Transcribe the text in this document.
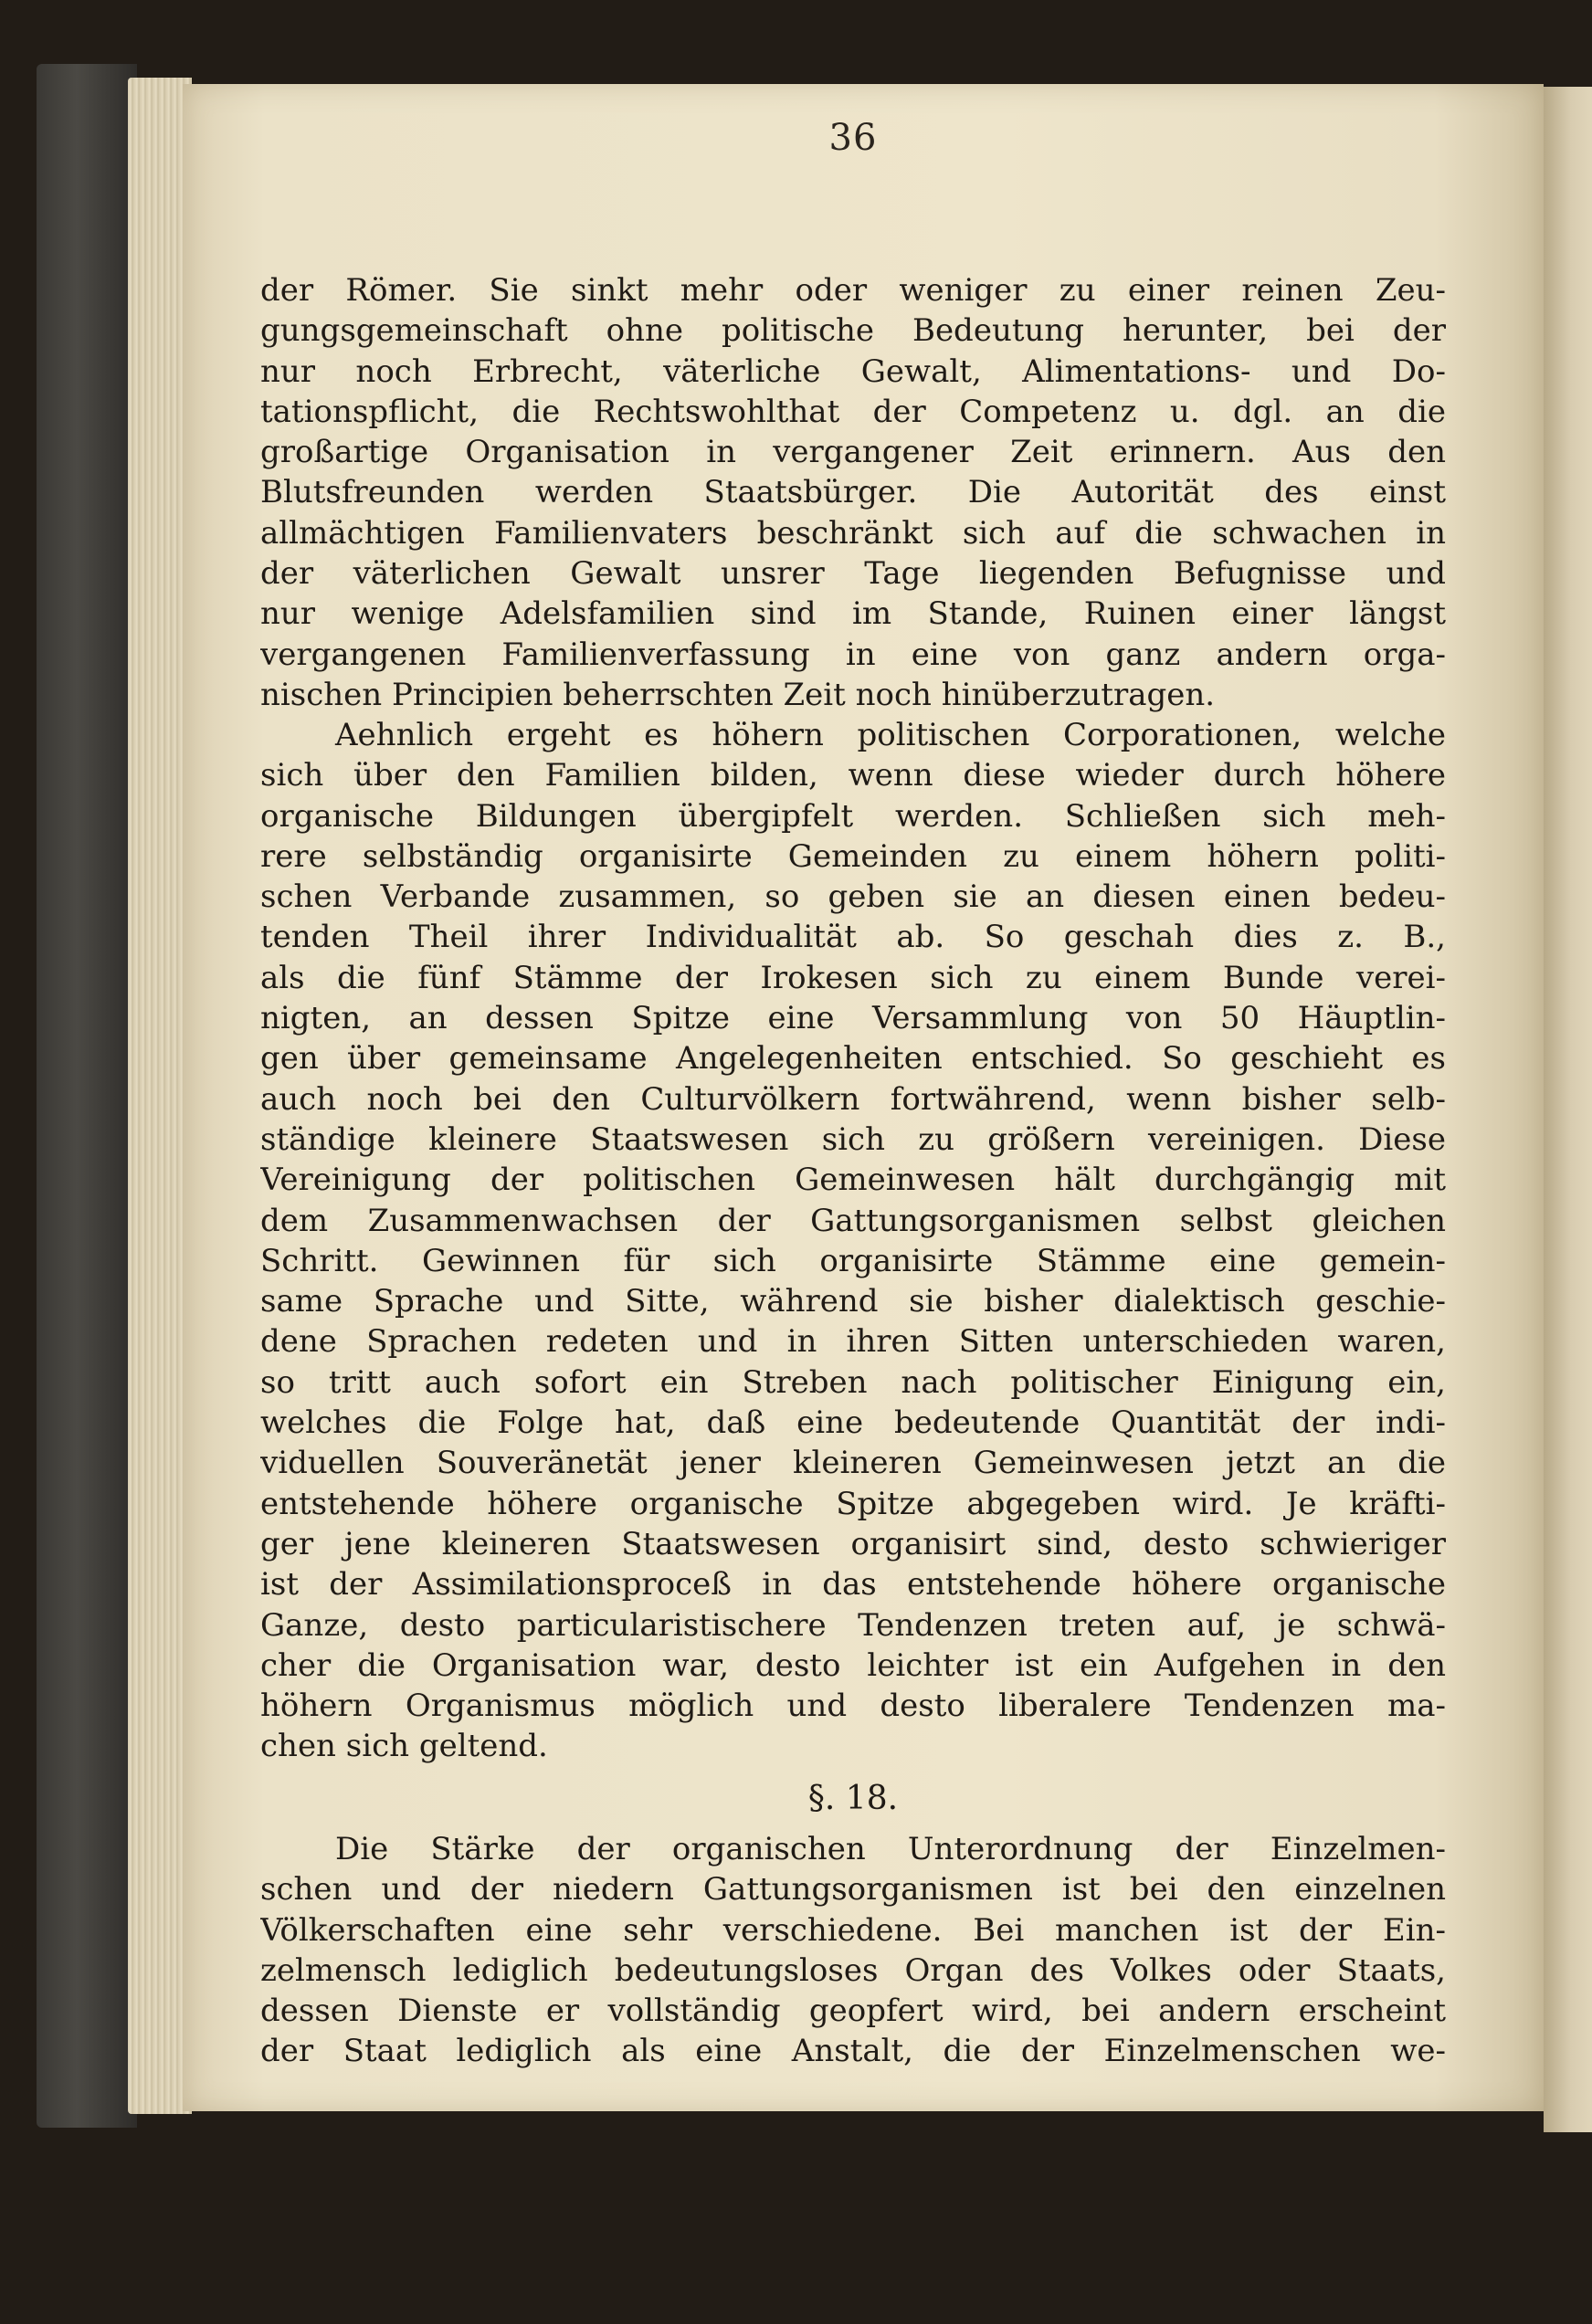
36
der Römer. Sie sinkt mehr oder weniger zu einer reinen Zeu-
gungsgemeinschaft ohne politische Bedeutung herunter, bei der
nur noch Erbrecht, väterliche Gewalt, Alimentations- und Do-
tationspflicht, die Rechtswohlthat der Competenz u. dgl. an die
großartige Organisation in vergangener Zeit erinnern. Aus den
Blutsfreunden werden Staatsbürger. Die Autorität des einst
allmächtigen Familienvaters beschränkt sich auf die schwachen in
der väterlichen Gewalt unsrer Tage liegenden Befugnisse und
nur wenige Adelsfamilien sind im Stande, Ruinen einer längst
vergangenen Familienverfassung in eine von ganz andern orga-
nischen Principien beherrschten Zeit noch hinüberzutragen.
Aehnlich ergeht es höhern politischen Corporationen, welche
sich über den Familien bilden, wenn diese wieder durch höhere
organische Bildungen übergipfelt werden. Schließen sich meh-
rere selbständig organisirte Gemeinden zu einem höhern politi-
schen Verbande zusammen, so geben sie an diesen einen bedeu-
tenden Theil ihrer Individualität ab. So geschah dies z. B.,
als die fünf Stämme der Irokesen sich zu einem Bunde verei-
nigten, an dessen Spitze eine Versammlung von 50 Häuptlin-
gen über gemeinsame Angelegenheiten entschied. So geschieht es
auch noch bei den Culturvölkern fortwährend, wenn bisher selb-
ständige kleinere Staatswesen sich zu größern vereinigen. Diese
Vereinigung der politischen Gemeinwesen hält durchgängig mit
dem Zusammenwachsen der Gattungsorganismen selbst gleichen
Schritt. Gewinnen für sich organisirte Stämme eine gemein-
same Sprache und Sitte, während sie bisher dialektisch geschie-
dene Sprachen redeten und in ihren Sitten unterschieden waren,
so tritt auch sofort ein Streben nach politischer Einigung ein,
welches die Folge hat, daß eine bedeutende Quantität der indi-
viduellen Souveränetät jener kleineren Gemeinwesen jetzt an die
entstehende höhere organische Spitze abgegeben wird. Je kräfti-
ger jene kleineren Staatswesen organisirt sind, desto schwieriger
ist der Assimilationsproceß in das entstehende höhere organische
Ganze, desto particularistischere Tendenzen treten auf, je schwä-
cher die Organisation war, desto leichter ist ein Aufgehen in den
höhern Organismus möglich und desto liberalere Tendenzen ma-
chen sich geltend.
§. 18.
Die Stärke der organischen Unterordnung der Einzelmen-
schen und der niedern Gattungsorganismen ist bei den einzelnen
Völkerschaften eine sehr verschiedene. Bei manchen ist der Ein-
zelmensch lediglich bedeutungsloses Organ des Volkes oder Staats,
dessen Dienste er vollständig geopfert wird, bei andern erscheint
der Staat lediglich als eine Anstalt, die der Einzelmenschen we-
